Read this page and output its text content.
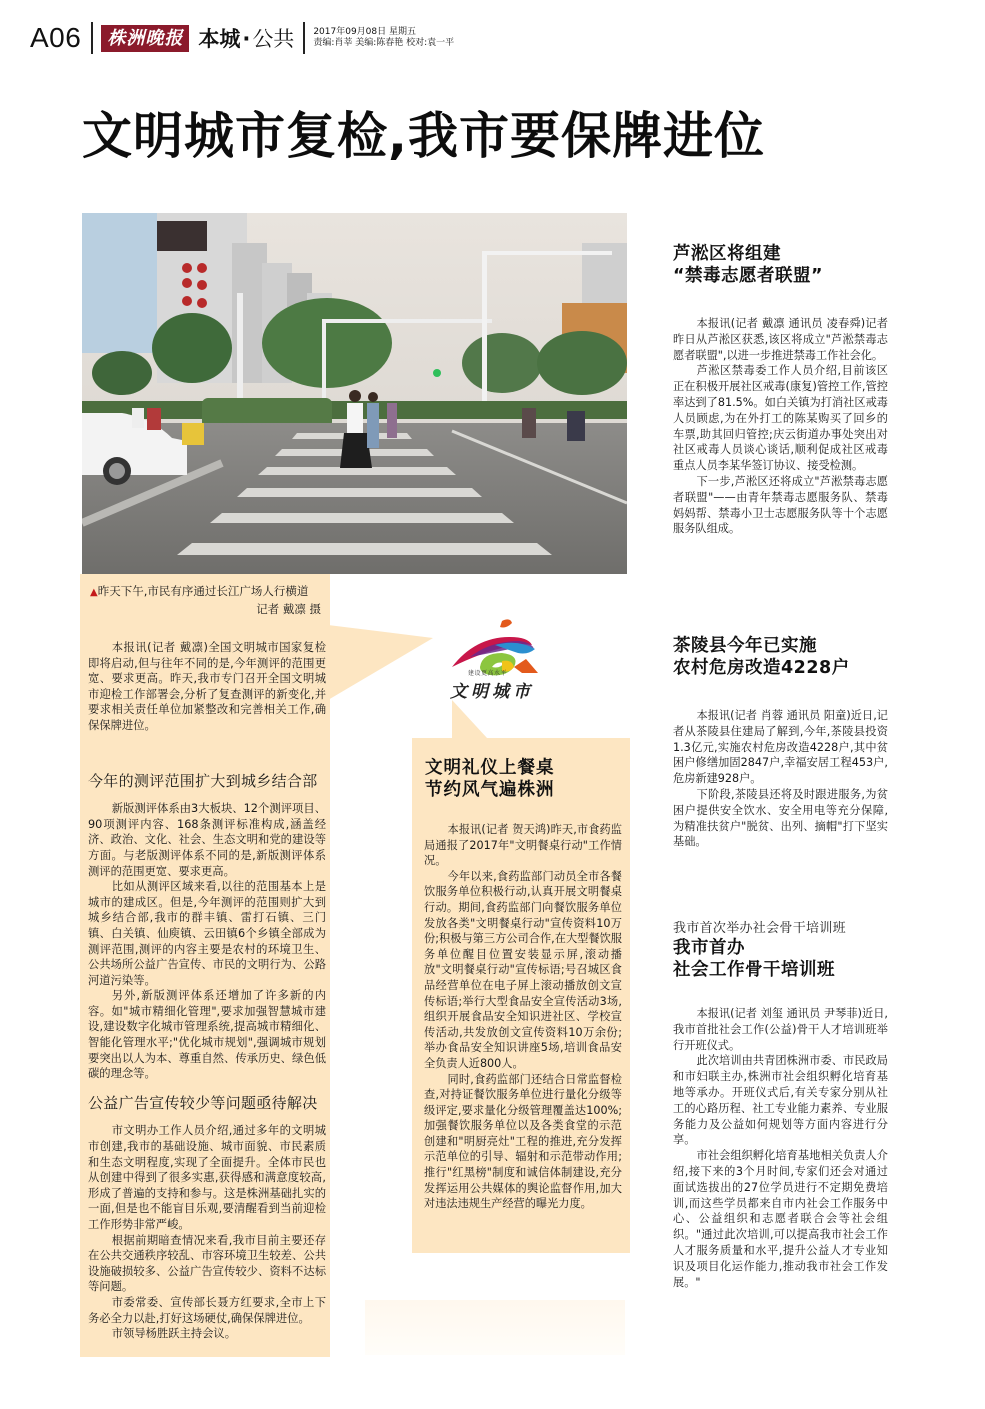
A06	株洲晚报 本城·公共 2017年09月08日 星期五
责编:肖莘 美编:陈春艳 校对:袁一平
文明城市复检,我市要保牌进位
▲昨天下午,市民有序通过长江广场人行横道
记者 戴凛 摄

本报讯(记者 戴凛)全国文明城市国家复检即将启动,但与往年不同的是,今年测评的范围更宽、要求更高。昨天,我市专门召开全国文明城市迎检工作部署会,分析了复查测评的新变化,并要求相关责任单位加紧整改和完善相关工作,确保保牌进位。

今年的测评范围扩大到城乡结合部

新版测评体系由3大板块、12个测评项目、90项测评内容、168条测评标准构成,涵盖经济、政治、文化、社会、生态文明和党的建设等方面。与老版测评体系不同的是,新版测评体系测评的范围更宽、要求更高。

比如从测评区域来看,以往的范围基本上是城市的建成区。但是,今年测评的范围则扩大到城乡结合部,我市的群丰镇、雷打石镇、三门镇、白关镇、仙庾镇、云田镇6个乡镇全部成为测评范围,测评的内容主要是农村的环境卫生、公共场所公益广告宣传、市民的文明行为、公路河道污染等。

另外,新版测评体系还增加了许多新的内容。如"城市精细化管理",要求加强智慧城市建设,建设数字化城市管理系统,提高城市精细化、智能化管理水平;"优化城市规划",强调城市规划要突出以人为本、尊重自然、传承历史、绿色低碳的理念等。

公益广告宣传较少等问题亟待解决

市文明办工作人员介绍,通过多年的文明城市创建,我市的基础设施、城市面貌、市民素质和生态文明程度,实现了全面提升。全体市民也从创建中得到了很多实惠,获得感和满意度较高,形成了普遍的支持和参与。这是株洲基础扎实的一面,但是也不能盲目乐观,要清醒看到当前迎检工作形势非常严峻。

根据前期暗查情况来看,我市目前主要还存在公共交通秩序较乱、市容环境卫生较差、公共设施破损较多、公益广告宣传较少、资料不达标等问题。

市委常委、宣传部长聂方红要求,全市上下务必全力以赴,打好这场硬仗,确保保牌进位。

市领导杨胜跃主持会议。

建设更高水平
文明城市
文明礼仪上餐桌
节约风气遍株洲

本报讯(记者 贺天鸿)昨天,市食药监局通报了2017年"文明餐桌行动"工作情况。

今年以来,食药监部门动员全市各餐饮服务单位积极行动,认真开展文明餐桌行动。期间,食药监部门向餐饮服务单位发放各类"文明餐桌行动"宣传资料10万份;积极与第三方公司合作,在大型餐饮服务单位醒目位置安装显示屏,滚动播放"文明餐桌行动"宣传标语;号召城区食品经营单位在电子屏上滚动播放创文宣传标语;举行大型食品安全宣传活动3场,组织开展食品安全知识进社区、学校宣传活动,共发放创文宣传资料10万余份;举办食品安全知识讲座5场,培训食品安全负责人近800人。

同时,食药监部门还结合日常监督检查,对持证餐饮服务单位进行量化分级等级评定,要求量化分级管理覆盖达100%;加强餐饮服务单位以及各类食堂的示范创建和"明厨亮灶"工程的推进,充分发挥示范单位的引导、辐射和示范带动作用;推行"红黑榜"制度和诚信体制建设,充分发挥运用公共媒体的舆论监督作用,加大对违法违规生产经营的曝光力度。

芦淞区将组建
“禁毒志愿者联盟”

本报讯(记者 戴凛 通讯员 凌春舜)记者昨日从芦淞区获悉,该区将成立"芦淞禁毒志愿者联盟",以进一步推进禁毒工作社会化。

芦淞区禁毒委工作人员介绍,目前该区正在积极开展社区戒毒(康复)管控工作,管控率达到了81.5%。如白关镇为打消社区戒毒人员顾虑,为在外打工的陈某购买了回乡的车票,助其回归管控;庆云街道办事处突出对社区戒毒人员谈心谈话,顺利促成社区戒毒重点人员李某华签订协议、接受检测。

下一步,芦淞区还将成立"芦淞禁毒志愿者联盟"——由青年禁毒志愿服务队、禁毒妈妈帮、禁毒小卫士志愿服务队等十个志愿服务队组成。

茶陵县今年已实施
农村危房改造4228户

本报讯(记者 肖蓉 通讯员 阳童)近日,记者从茶陵县住建局了解到,今年,茶陵县投资1.3亿元,实施农村危房改造4228户,其中贫困户修缮加固2847户,幸福安居工程453户,危房新建928户。

下阶段,茶陵县还将及时跟进服务,为贫困户提供安全饮水、安全用电等充分保障,为精准扶贫户"脱贫、出列、摘帽"打下坚实基础。

我市首次举办社会骨干培训班
我市首办
社会工作骨干培训班

本报讯(记者 刘玺 通讯员 尹琴菲)近日,我市首批社会工作(公益)骨干人才培训班举行开班仪式。

此次培训由共青团株洲市委、市民政局和市妇联主办,株洲市社会组织孵化培育基地等承办。开班仪式后,有关专家分别从社工的心路历程、社工专业能力素养、专业服务能力及公益如何规划等方面内容进行分享。

市社会组织孵化培育基地相关负责人介绍,接下来的3个月时间,专家们还会对通过面试选拔出的27位学员进行不定期免费培训,而这些学员都来自市内社会工作服务中心、公益组织和志愿者联合会等社会组织。"通过此次培训,可以提高我市社会工作人才服务质量和水平,提升公益人才专业知识及项目化运作能力,推动我市社会工作发展。"
